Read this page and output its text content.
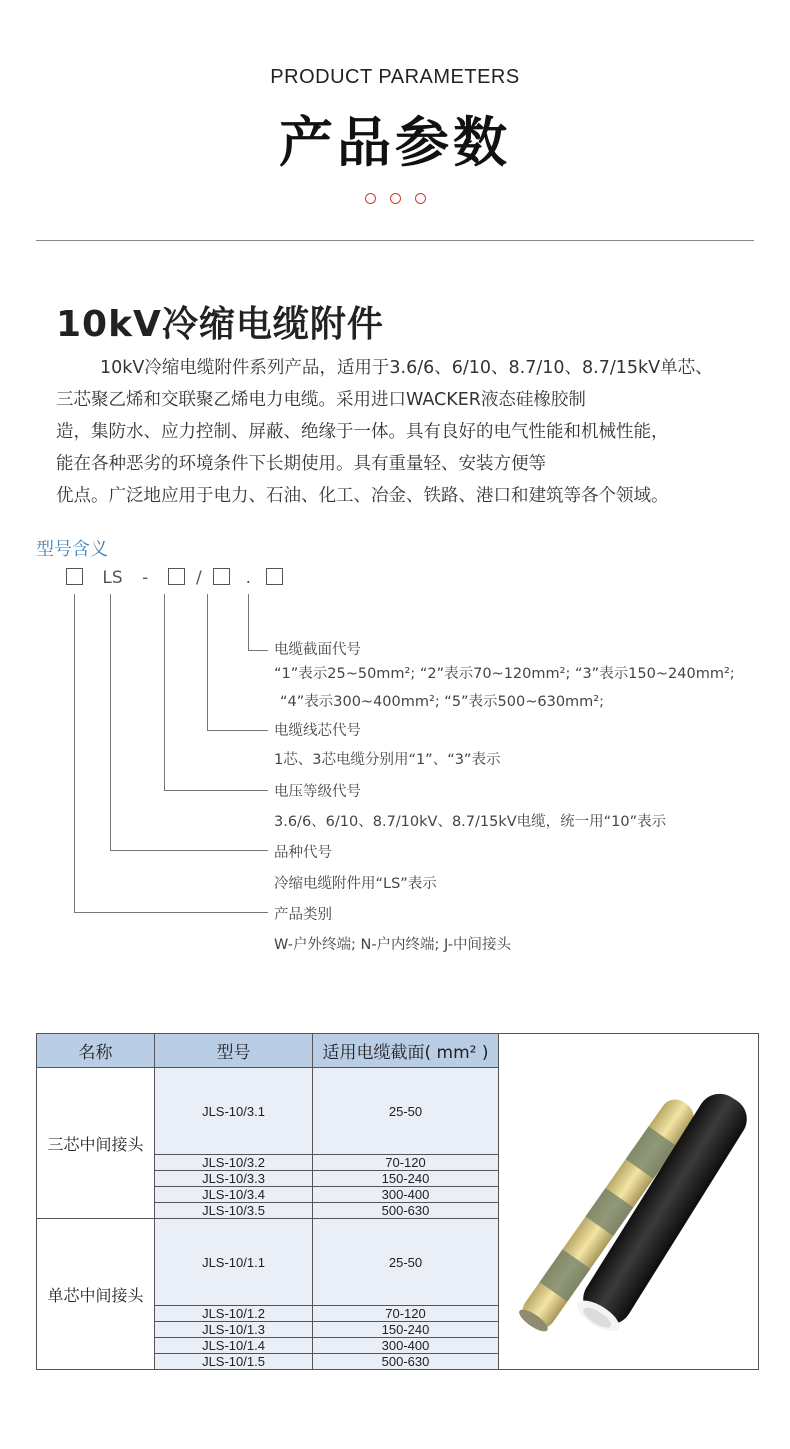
PRODUCT PARAMETERS
产品参数
10kV冷缩电缆附件

10kV冷缩电缆附件系列产品，适用于3.6/6、6/10、8.7/10、8.7/15kV单芯、

三芯聚乙烯和交联聚乙烯电力电缆。采用进口WACKER液态硅橡胶制

造，集防水、应力控制、屏蔽、绝缘于一体。具有良好的电气性能和机械性能，

能在各种恶劣的环境条件下长期使用。具有重量轻、安装方便等

优点。广泛地应用于电力、石油、化工、冶金、铁路、港口和建筑等各个领域。

型号含义
LS -	/	.
电缆截面代号
“1”表示25~50mm²; “2”表示70~120mm²; “3”表示150~240mm²;
“4”表示300~400mm²; “5”表示500~630mm²;
电缆线芯代号
1芯、3芯电缆分别用“1”、“3”表示
电压等级代号
3.6/6、6/10、8.7/10kV、8.7/15kV电缆，统一用“10”表示
品种代号
冷缩电缆附件用“LS”表示
产品类别
W-户外终端; N-户内终端; J-中间接头
名称	型号	适用电缆截面( mm² )	
三芯中间接头	JLS-10/3.1	25-50	
	JLS-10/3.2	70-120	
	JLS-10/3.3	150-240	
	JLS-10/3.4	300-400	
	JLS-10/3.5	500-630	
单芯中间接头	JLS-10/1.1	25-50	
	JLS-10/1.2	70-120	
	JLS-10/1.3	150-240	
	JLS-10/1.4	300-400	
	JLS-10/1.5	500-630	
